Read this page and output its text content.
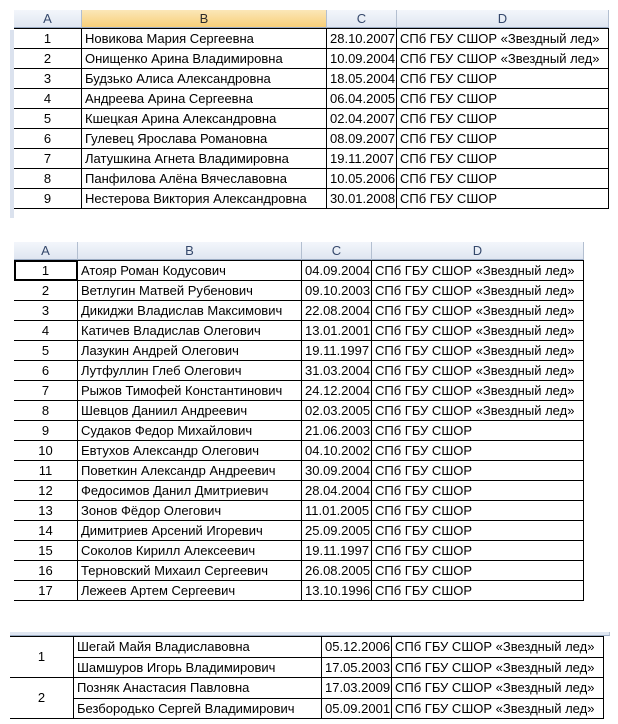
A	B	C	D
1	Новикова Мария Сергеевна	28.10.2007 СПб ГБУ СШОР «Звездный лед»
2	Онищенко Арина Владимировна	10.09.2004 СПб ГБУ СШОР «Звездный лед»
3	Будзько Алиса Александровна	18.05.2004 СПб ГБУ СШОР
4	Андреева Арина Сергеевна	06.04.2005 СПб ГБУ СШОР
5	Кшецкая Арина Александровна	02.04.2007 СПб ГБУ СШОР
6	Гулевец Ярослава Романовна	08.09.2007 СПб ГБУ СШОР
7	Латушкина Агнета Владимировна	19.11.2007 СПб ГБУ СШОР
8	Панфилова Алёна Вячеславовна	10.05.2006 СПб ГБУ СШОР
9	Нестерова Виктория Александровна	30.01.2008 СПб ГБУ СШОР
A	B	C	D
1	Атояр Роман Кодусович	04.09.2004 СПб ГБУ СШОР «Звездный лед»
2	Ветлугин Матвей Рубенович	09.10.2003 СПб ГБУ СШОР «Звездный лед»
3	Дикиджи Владислав Максимович	22.08.2004 СПб ГБУ СШОР «Звездный лед»
4	Катичев Владислав Олегович	13.01.2001 СПб ГБУ СШОР «Звездный лед»
5	Лазукин Андрей Олегович	19.11.1997 СПб ГБУ СШОР «Звездный лед»
6	Лутфуллин Глеб Олегович	31.03.2004 СПб ГБУ СШОР «Звездный лед»
7	Рыжов Тимофей Константинович	24.12.2004 СПб ГБУ СШОР «Звездный лед»
8	Шевцов Даниил Андреевич	02.03.2005 СПб ГБУ СШОР «Звездный лед»
9	Судаков Федор Михайлович	21.06.2003 СПб ГБУ СШОР
10	Евтухов Александр Олегович	04.10.2002 СПб ГБУ СШОР
11	Поветкин Александр Андреевич	30.09.2004 СПб ГБУ СШОР
12	Федосимов Данил Дмитриевич	28.04.2004 СПб ГБУ СШОР
13	Зонов Фёдор Олегович	11.01.2005 СПб ГБУ СШОР
14	Димитриев Арсений Игоревич	25.09.2005 СПб ГБУ СШОР
15	Соколов Кирилл Алексеевич	19.11.1997 СПб ГБУ СШОР
16	Терновский Михаил Сергеевич	26.08.2005 СПб ГБУ СШОР
17	Лежеев Артем Сергеевич	13.10.1996 СПб ГБУ СШОР
1
Шегай Майя Владиславовна	05.12.2006 СПб ГБУ СШОР «Звездный лед»
Шамшуров Игорь Владимирович	17.05.2003 СПб ГБУ СШОР «Звездный лед»
2
Позняк Анастасия Павловна	17.03.2009 СПб ГБУ СШОР «Звездный лед»
Безбородько Сергей Владимирович	05.09.2001 СПб ГБУ СШОР «Звездный лед»
